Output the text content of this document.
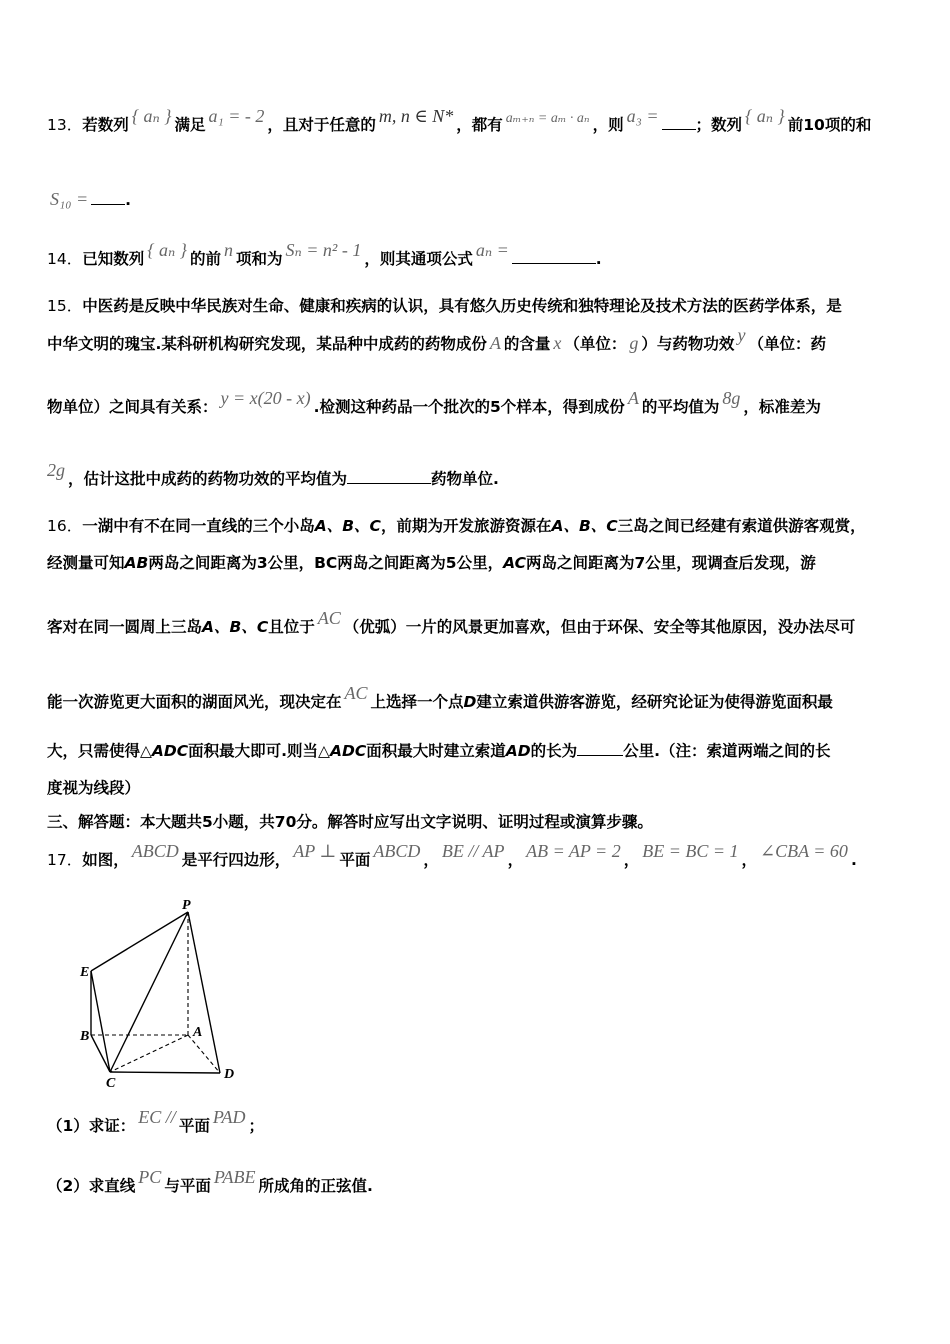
13．若数列 { aₙ } 满足 a₁ = - 2 ，且对于任意的 m, n ∈ N* ，都有 aₘ₊ₙ = aₘ · aₙ ，则 a₃ = ；数列 { aₙ } 前10项的和
S₁₀ = .
14．已知数列 { aₙ } 的前 n 项和为 Sₙ = n² - 1 ，则其通项公式 aₙ =	.
15．中医药是反映中华民族对生命、健康和疾病的认识，具有悠久历史传统和独特理论及技术方法的医药学体系，是
中华文明的瑰宝.某科研机构研究发现，某品种中成药的药物成份 A 的含量 x （单位： g ）与药物功效 y （单位：药
物单位）之间具有关系： y = x(20 - x) .检测这种药品一个批次的5个样本，得到成份 A 的平均值为 8g ，标准差为
2g ，估计这批中成药的药物功效的平均值为	药物单位.
16．一湖中有不在同一直线的三个小岛A、B、C，前期为开发旅游资源在A、B、C三岛之间已经建有索道供游客观赏，
经测量可知AB两岛之间距离为3公里，BC两岛之间距离为5公里，AC两岛之间距离为7公里，现调查后发现，游
客对在同一圆周上三岛A、B、C且位于 AC （优弧）一片的风景更加喜欢，但由于环保、安全等其他原因，没办法尽可
能一次游览更大面积的湖面风光，现决定在 AC 上选择一个点D建立索道供游客游览，经研究论证为使得游览面积最
大，只需使得△ADC面积最大即可.则当△ADC面积最大时建立索道AD的长为	公里.（注：索道两端之间的长
度视为线段）
三、解答题：本大题共5小题，共70分。解答时应写出文字说明、证明过程或演算步骤。
17．如图， ABCD 是平行四边形， AP ⊥ 平面 ABCD ， BE // AP ， AB = AP = 2 ， BE = BC = 1 ， ∠CBA = 60 .
P
E
B	A
C
D
（1）求证： EC // 平面 PAD ；
（2）求直线 PC 与平面 PABE 所成角的正弦值.
